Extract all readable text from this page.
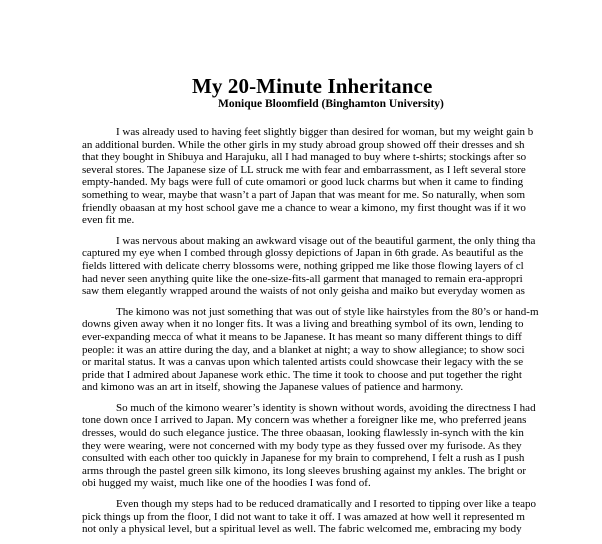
My 20-Minute Inheritance
Monique Bloomfield (Binghamton University)
I was already used to having feet slightly bigger than desired for woman, but my weight gain b
an additional burden. While the other girls in my study abroad group showed off their dresses and sh
that they bought in Shibuya and Harajuku, all I had managed to buy where t-shirts; stockings after so
several stores. The Japanese size of LL struck me with fear and embarrassment, as I left several store
empty-handed. My bags were full of cute omamori or good luck charms but when it came to finding
something to wear, maybe that wasn’t a part of Japan that was meant for me. So naturally, when som
friendly obaasan at my host school gave me a chance to wear a kimono, my first thought was if it wo
even fit me.
I was nervous about making an awkward visage out of the beautiful garment, the only thing tha
captured my eye when I combed through glossy depictions of Japan in 6th grade. As beautiful as the
fields littered with delicate cherry blossoms were, nothing gripped me like those flowing layers of cl
had never seen anything quite like the one-size-fits-all garment that managed to remain era-appropri
saw them elegantly wrapped around the waists of not only geisha and maiko but everyday women as
The kimono was not just something that was out of style like hairstyles from the 80’s or hand-m
downs given away when it no longer fits. It was a living and breathing symbol of its own, lending to
ever-expanding mecca of what it means to be Japanese. It has meant so many different things to diff
people: it was an attire during the day, and a blanket at night; a way to show allegiance; to show soci
or marital status. It was a canvas upon which talented artists could showcase their legacy with the se
pride that I admired about Japanese work ethic. The time it took to choose and put together the right
and kimono was an art in itself, showing the Japanese values of patience and harmony.
So much of the kimono wearer’s identity is shown without words, avoiding the directness I had
tone down once I arrived to Japan. My concern was whether a foreigner like me, who preferred jeans
dresses, would do such elegance justice. The three obaasan, looking flawlessly in-synch with the kin
they were wearing, were not concerned with my body type as they fussed over my furisode. As they
consulted with each other too quickly in Japanese for my brain to comprehend, I felt a rush as I push
arms through the pastel green silk kimono, its long sleeves brushing against my ankles. The bright or
obi hugged my waist, much like one of the hoodies I was fond of.
Even though my steps had to be reduced dramatically and I resorted to tipping over like a teapo
pick things up from the floor, I did not want to take it off. I was amazed at how well it represented m
not only a physical level, but a spiritual level as well. The fabric welcomed me, embracing my body
